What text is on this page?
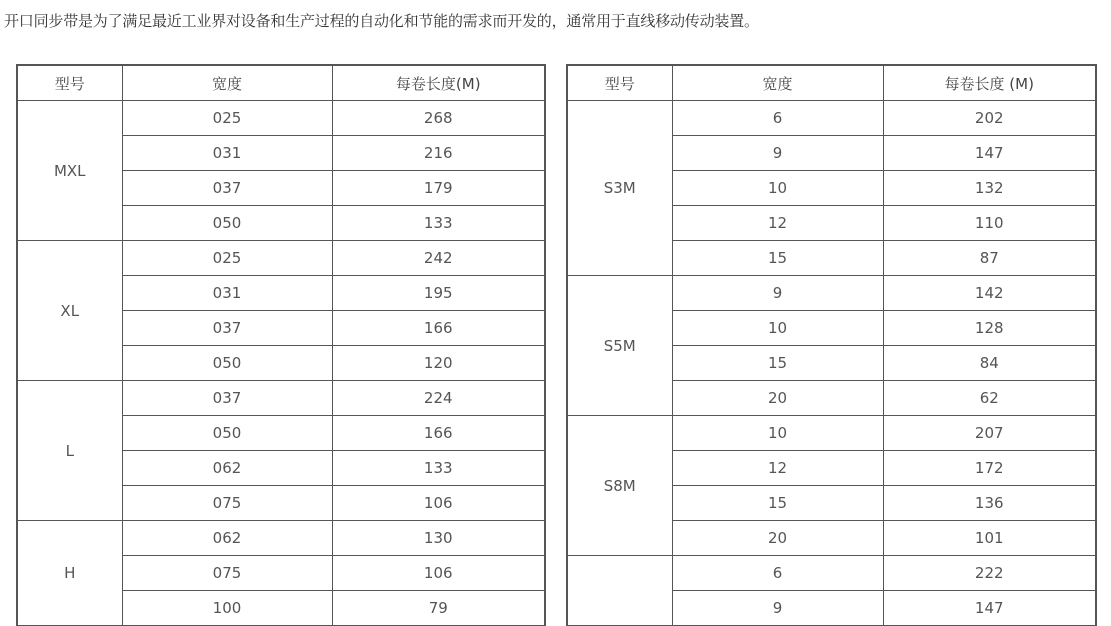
开口同步带是为了满足最近工业界对设备和生产过程的自动化和节能的需求而开发的，通常用于直线移动传动装置。
型号	宽度	每卷长度(M)
MXL	025	268
	031	216
	037	179
	050	133
XL	025	242
	031	195
	037	166
	050	120
L	037	224
	050	166
	062	133
	075	106
H	062	130
	075	106
	100	79
型号	宽度	每卷长度 (M)
S3M	6	202
	9	147
	10	132
	12	110
	15	87
S5M	9	142
	10	128
	15	84
	20	62
S8M	10	207
	12	172
	15	136
	20	101
	6	222
	9	147
